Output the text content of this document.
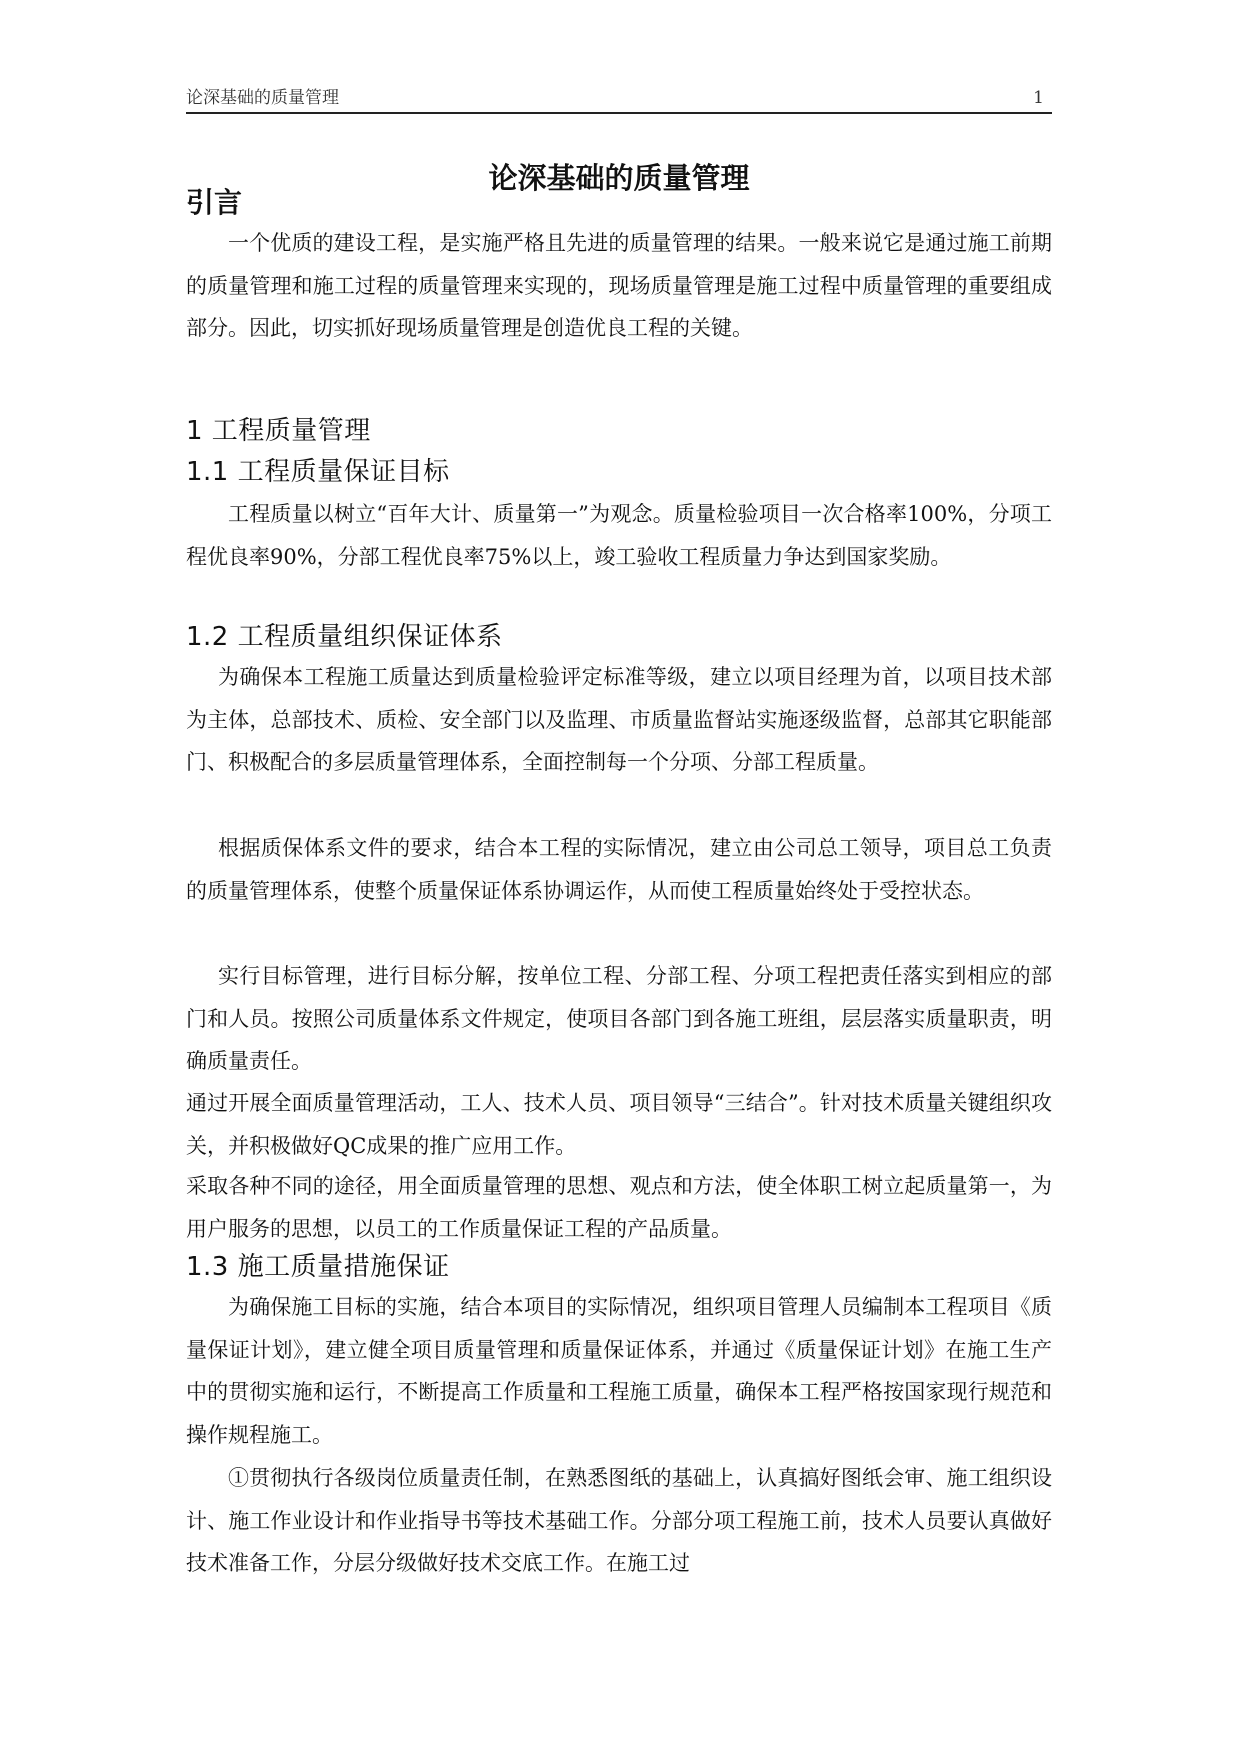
论深基础的质量管理	1
论深基础的质量管理
引言
一个优质的建设工程，是实施严格且先进的质量管理的结果。一般来说它是通过施工前期的质量管理和施工过程的质量管理来实现的，现场质量管理是施工过程中质量管理的重要组成部分。因此，切实抓好现场质量管理是创造优良工程的关键。
1 工程质量管理
1.1 工程质量保证目标
工程质量以树立“百年大计、质量第一”为观念。质量检验项目一次合格率100%，分项工程优良率90%，分部工程优良率75%以上，竣工验收工程质量力争达到国家奖励。
1.2 工程质量组织保证体系
为确保本工程施工质量达到质量检验评定标准等级，建立以项目经理为首，以项目技术部为主体，总部技术、质检、安全部门以及监理、市质量监督站实施逐级监督，总部其它职能部门、积极配合的多层质量管理体系，全面控制每一个分项、分部工程质量。
根据质保体系文件的要求，结合本工程的实际情况，建立由公司总工领导，项目总工负责的质量管理体系，使整个质量保证体系协调运作，从而使工程质量始终处于受控状态。
实行目标管理，进行目标分解，按单位工程、分部工程、分项工程把责任落实到相应的部门和人员。按照公司质量体系文件规定，使项目各部门到各施工班组，层层落实质量职责，明确质量责任。
通过开展全面质量管理活动，工人、技术人员、项目领导“三结合”。针对技术质量关键组织攻关，并积极做好QC成果的推广应用工作。
采取各种不同的途径，用全面质量管理的思想、观点和方法，使全体职工树立起质量第一，为用户服务的思想，以员工的工作质量保证工程的产品质量。
1.3 施工质量措施保证
为确保施工目标的实施，结合本项目的实际情况，组织项目管理人员编制本工程项目《质量保证计划》，建立健全项目质量管理和质量保证体系，并通过《质量保证计划》在施工生产中的贯彻实施和运行，不断提高工作质量和工程施工质量，确保本工程严格按国家现行规范和操作规程施工。
①贯彻执行各级岗位质量责任制，在熟悉图纸的基础上，认真搞好图纸会审、施工组织设计、施工作业设计和作业指导书等技术基础工作。分部分项工程施工前，技术人员要认真做好技术准备工作，分层分级做好技术交底工作。在施工过
